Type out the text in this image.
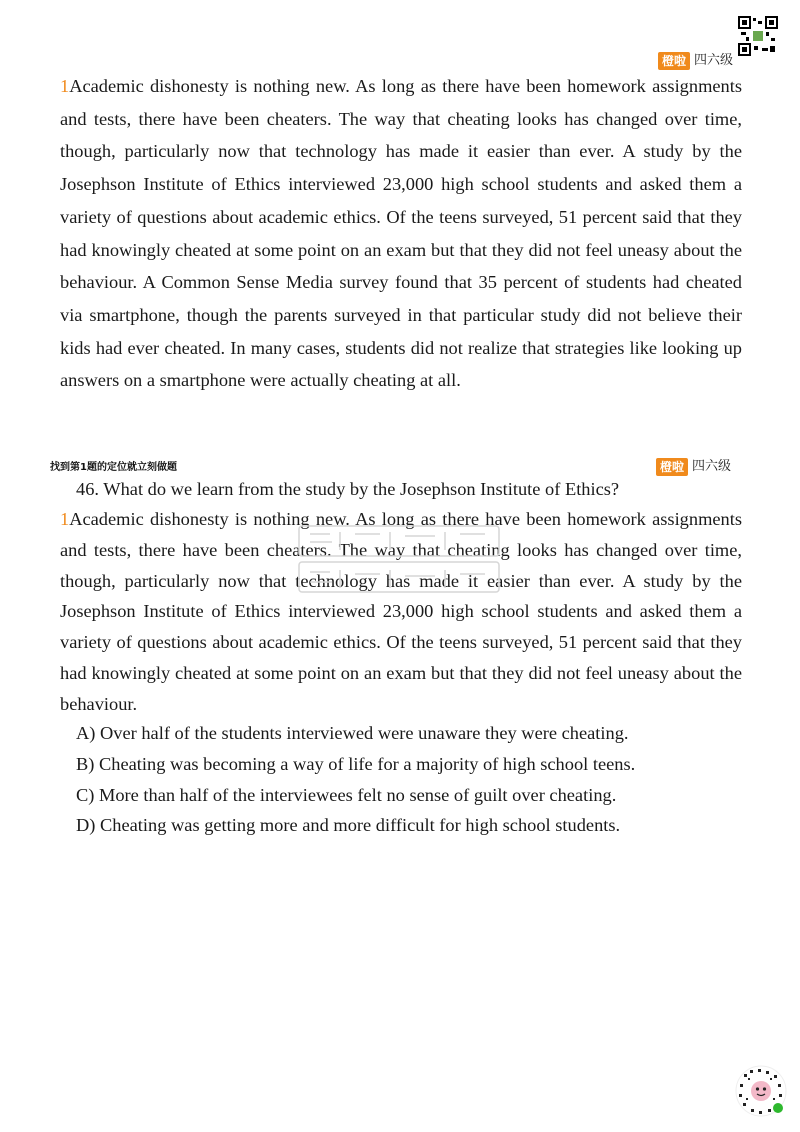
橙啦 四六级

1Academic dishonesty is nothing new. As long as there have been homework assignments and tests, there have been cheaters. The way that cheating looks has changed over time, though, particularly now that technology has made it easier than ever. A study by the Josephson Institute of Ethics interviewed 23,000 high school students and asked them a variety of questions about academic ethics. Of the teens surveyed, 51 percent said that they had knowingly cheated at some point on an exam but that they did not feel uneasy about the behaviour. A Common Sense Media survey found that 35 percent of students had cheated via smartphone, though the parents surveyed in that particular study did not believe their kids had ever cheated. In many cases, students did not realize that strategies like looking up answers on a smartphone were actually cheating at all.

找到第1题的定位就立刻做题	橙啦 四六级

46. What do we learn from the study by the Josephson Institute of Ethics?

1Academic dishonesty is nothing new. As long as there have been homework assignments and tests, there have been cheaters. The way that cheating looks has changed over time, though, particularly now that technology has made it easier than ever. A study by the Josephson Institute of Ethics interviewed 23,000 high school students and asked them a variety of questions about academic ethics. Of the teens surveyed, 51 percent said that they had knowingly cheated at some point on an exam but that they did not feel uneasy about the behaviour.

A) Over half of the students interviewed were unaware they were cheating.
B) Cheating was becoming a way of life for a majority of high school teens.
C) More than half of the interviewees felt no sense of guilt over cheating.
D) Cheating was getting more and more difficult for high school students.
